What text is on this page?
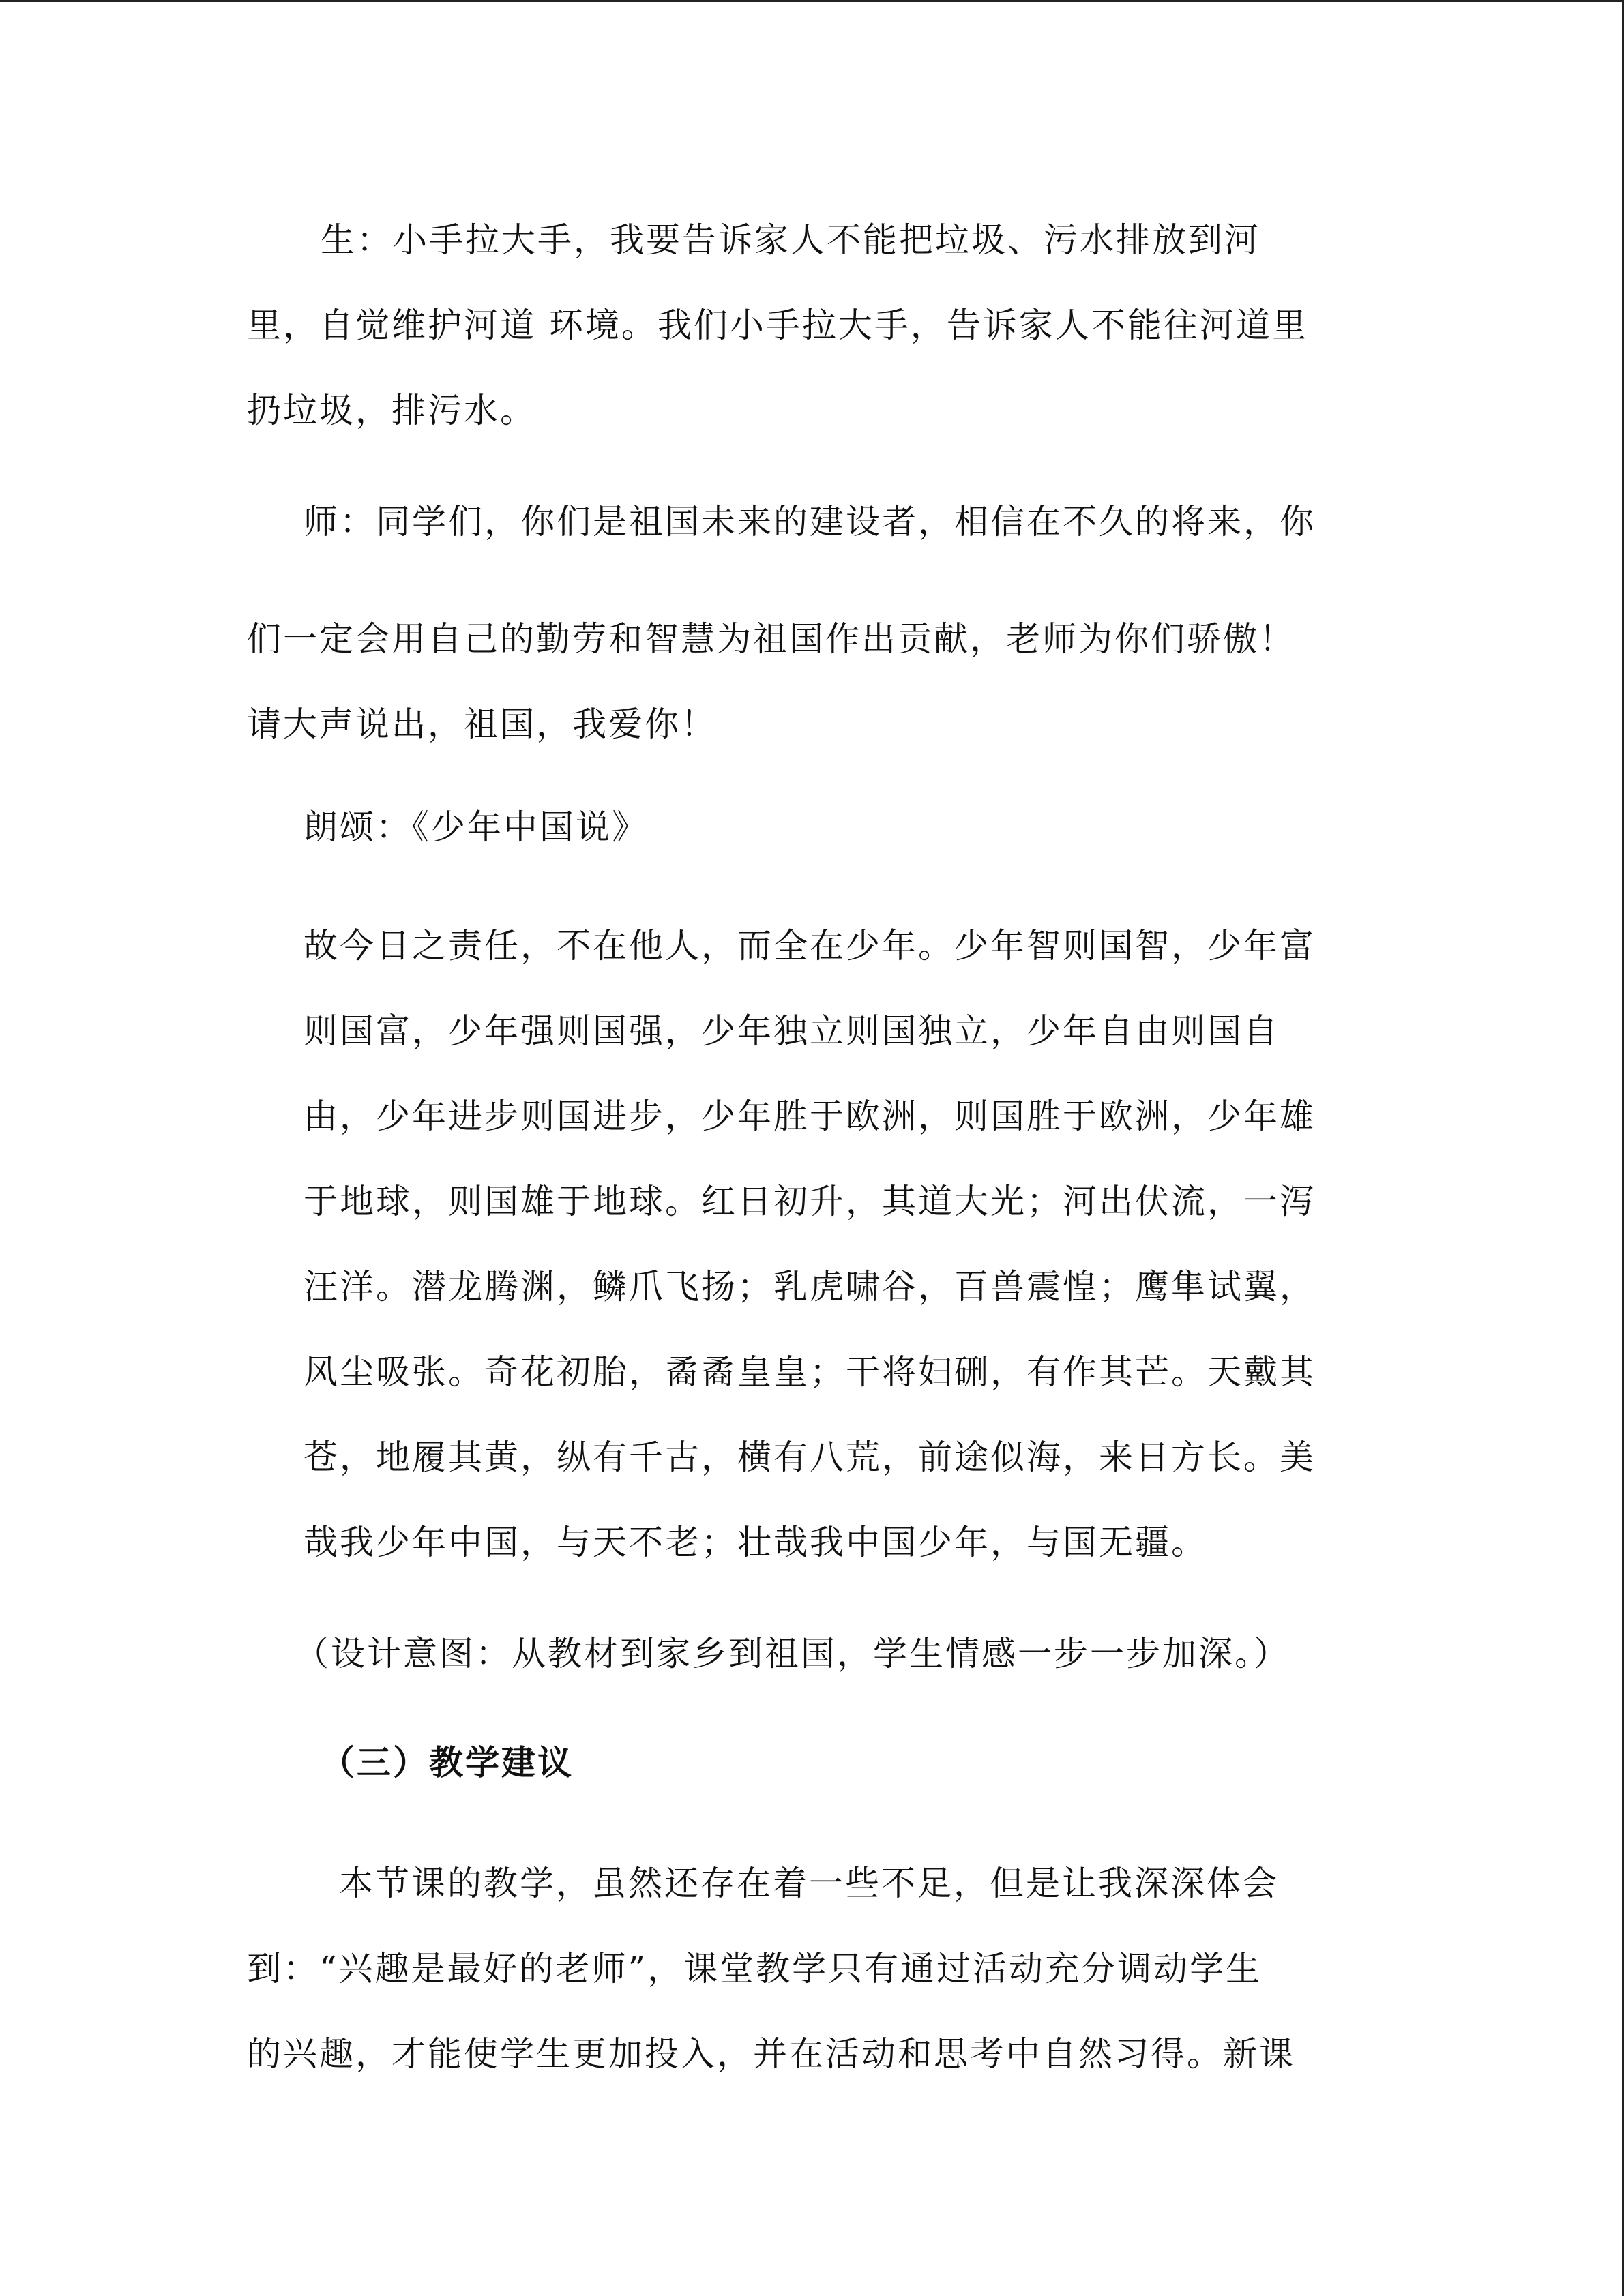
生：小手拉大手，我要告诉家人不能把垃圾、污水排放到河
里，自觉维护河道 环境。我们小手拉大手，告诉家人不能往河道里
扔垃圾，排污水。
师：同学们，你们是祖国未来的建设者，相信在不久的将来，你
们一定会用自己的勤劳和智慧为祖国作出贡献，老师为你们骄傲！
请大声说出，祖国，我爱你！
朗颂：《少年中国说》
故今日之责任，不在他人，而全在少年。少年智则国智，少年富
则国富，少年强则国强，少年独立则国独立，少年自由则国自
由，少年进步则国进步，少年胜于欧洲，则国胜于欧洲，少年雄
于地球，则国雄于地球。红日初升，其道大光；河出伏流，一泻
汪洋。潜龙腾渊，鳞爪飞扬；乳虎啸谷，百兽震惶；鹰隼试翼，
风尘吸张。奇花初胎，矞矞皇皇；干将妇硎，有作其芒。天戴其
苍，地履其黄，纵有千古，横有八荒，前途似海，来日方长。美
哉我少年中国，与天不老；壮哉我中国少年，与国无疆。
（设计意图：从教材到家乡到祖国，学生情感一步一步加深。）
（三）教学建议
本节课的教学，虽然还存在着一些不足，但是让我深深体会
到：“兴趣是最好的老师”，课堂教学只有通过活动充分调动学生
的兴趣，才能使学生更加投入，并在活动和思考中自然习得。新课
